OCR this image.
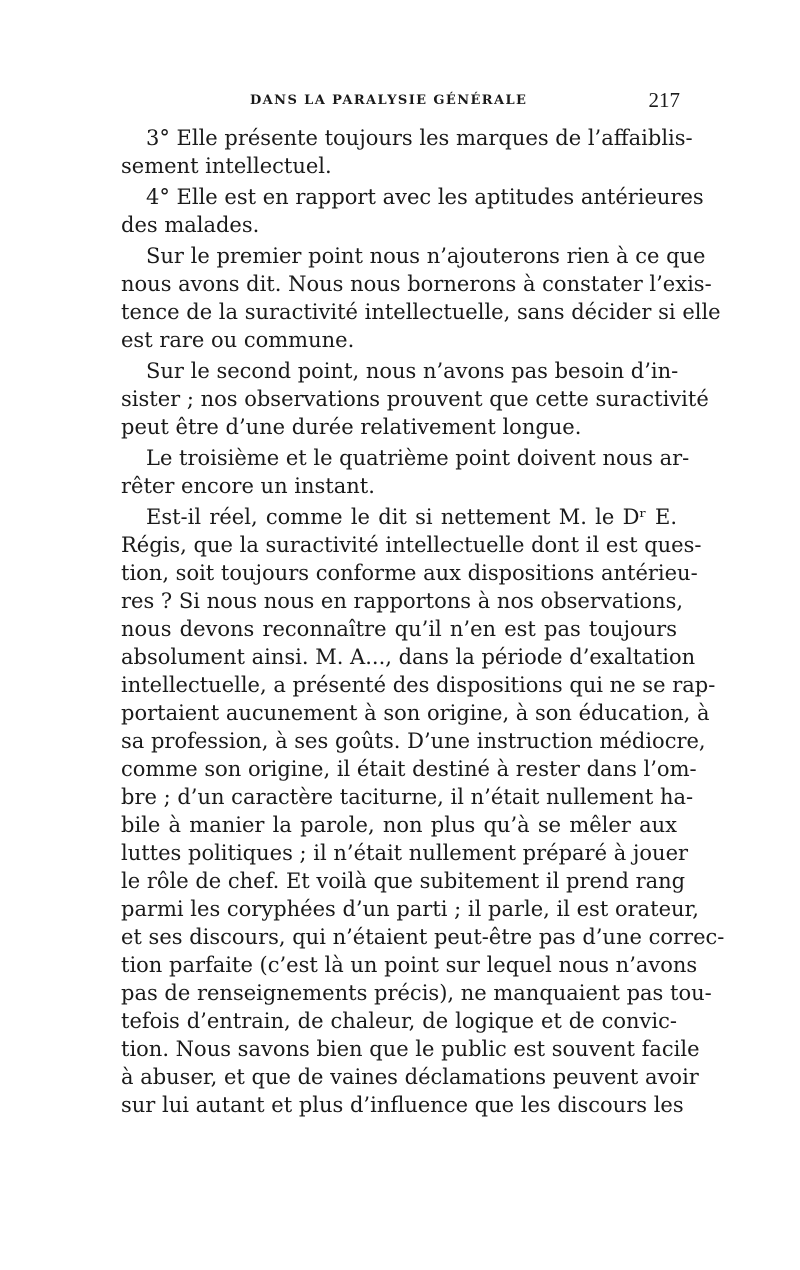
DANS LA PARALYSIE GÉNÉRALE	217
3° Elle présente toujours les marques de l’affaiblis-
sement intellectuel.
4° Elle est en rapport avec les aptitudes antérieures
des malades.
Sur le premier point nous n’ajouterons rien à ce que
nous avons dit. Nous nous bornerons à constater l’exis-
tence de la suractivité intellectuelle, sans décider si elle
est rare ou commune.
Sur le second point, nous n’avons pas besoin d’in-
sister ; nos observations prouvent que cette suractivité
peut être d’une durée relativement longue.
Le troisième et le quatrième point doivent nous ar-
rêter encore un instant.
Est-il réel, comme le dit si nettement M. le Dʳ E.
Régis, que la suractivité intellectuelle dont il est ques-
tion, soit toujours conforme aux dispositions antérieu-
res ? Si nous nous en rapportons à nos observations,
nous devons reconnaître qu’il n’en est pas toujours
absolument ainsi. M. A..., dans la période d’exaltation
intellectuelle, a présenté des dispositions qui ne se rap-
portaient aucunement à son origine, à son éducation, à
sa profession, à ses goûts. D’une instruction médiocre,
comme son origine, il était destiné à rester dans l’om-
bre ; d’un caractère taciturne, il n’était nullement ha-
bile à manier la parole, non plus qu’à se mêler aux
luttes politiques ; il n’était nullement préparé à jouer
le rôle de chef. Et voilà que subitement il prend rang
parmi les coryphées d’un parti ; il parle, il est orateur,
et ses discours, qui n’étaient peut-être pas d’une correc-
tion parfaite (c’est là un point sur lequel nous n’avons
pas de renseignements précis), ne manquaient pas tou-
tefois d’entrain, de chaleur, de logique et de convic-
tion. Nous savons bien que le public est souvent facile
à abuser, et que de vaines déclamations peuvent avoir
sur lui autant et plus d’influence que les discours les
